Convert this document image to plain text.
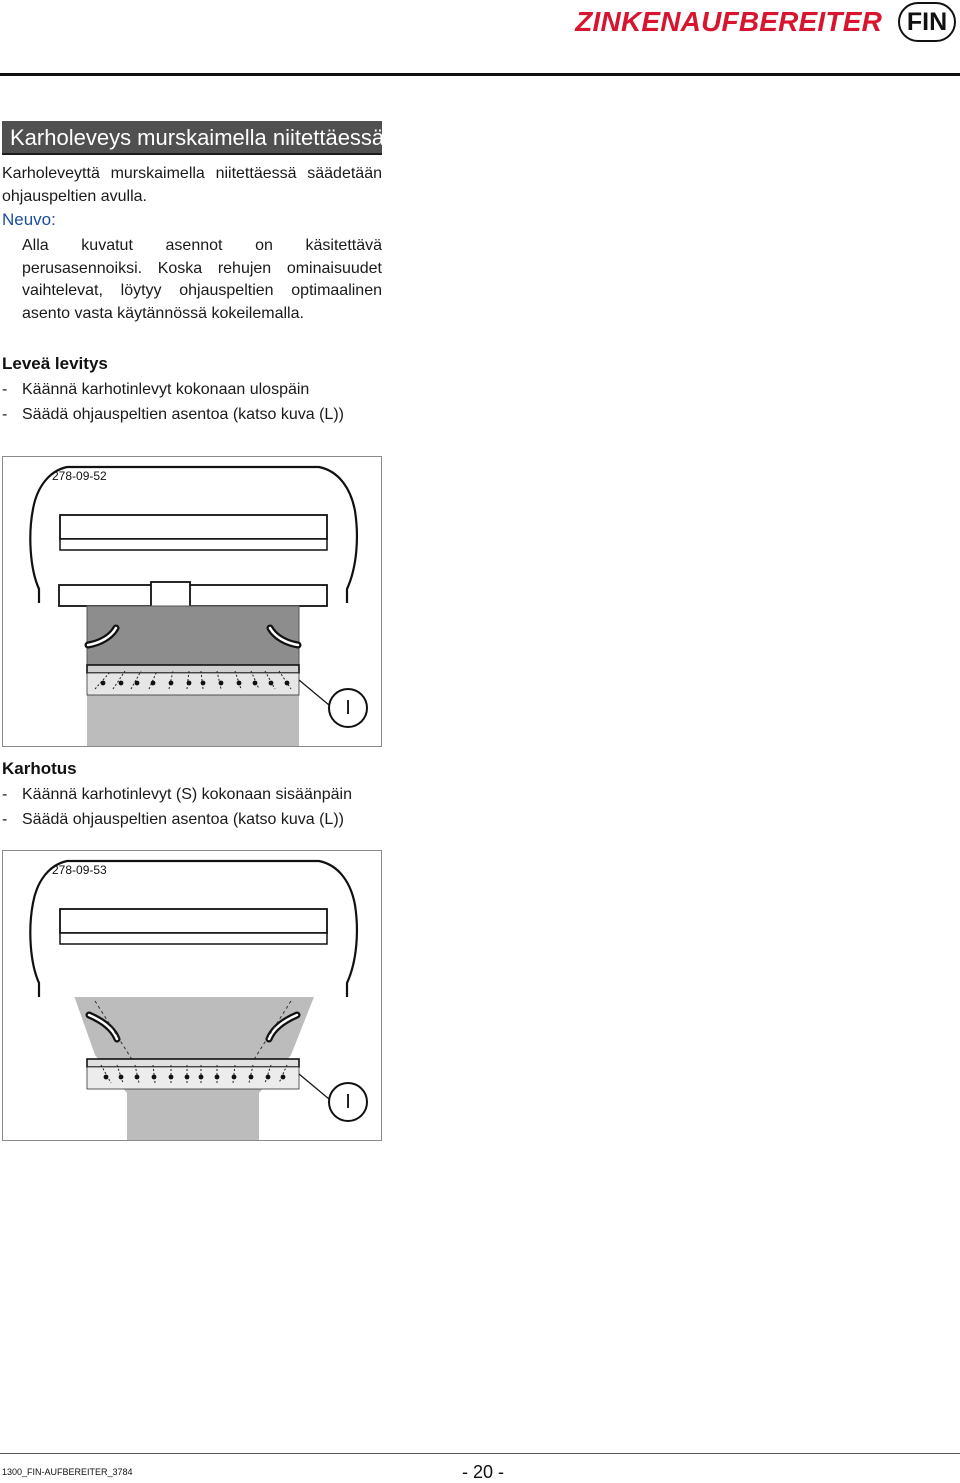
ZINKENAUFBEREITER FIN
Karholeveys murskaimella niitettäessä

Karholeveyttä murskaimella niitettäessä säädetään ohjauspeltien avulla.

Neuvo:

Alla kuvatut asennot on käsitettävä perusasennoiksi. Koska rehujen ominaisuudet vaihtelevat, löytyy ohjauspeltien optimaalinen asento vasta käytännössä kokeilemalla.

Leveä levitys

- Käännä karhotinlevyt kokonaan ulospäin

- Säädä ohjauspeltien asentoa (katso kuva (L))

278-09-52
I

Karhotus

- Käännä karhotinlevyt (S) kokonaan sisäänpäin

- Säädä ohjauspeltien asentoa (katso kuva (L))

278-09-53
I
1300_FIN-AUFBEREITER_3784	- 20 -
